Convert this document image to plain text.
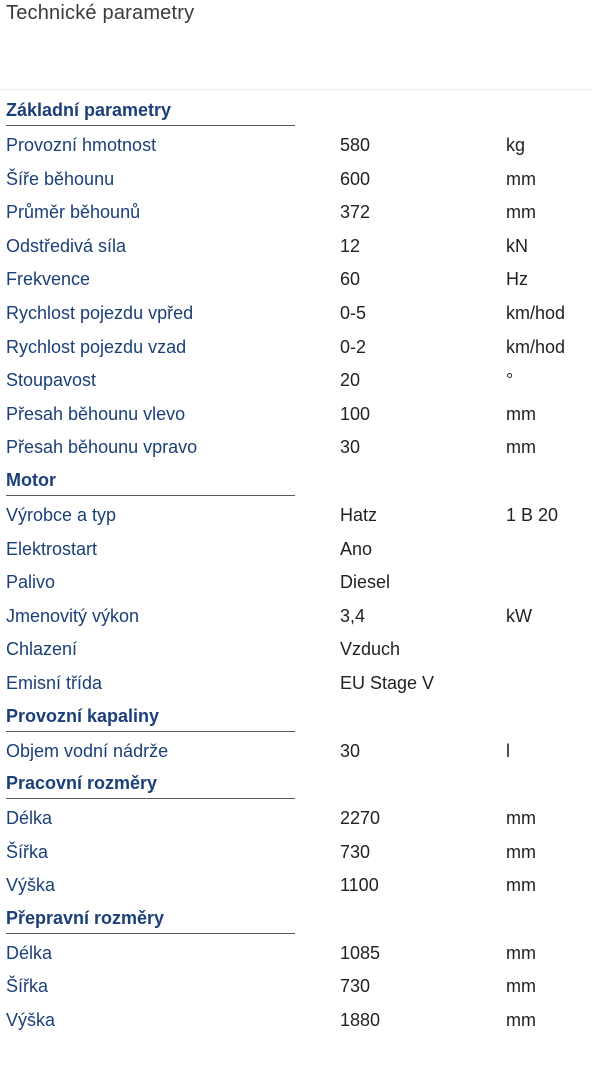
Technické parametry
Základní parametry
Provozní hmotnost	580	kg
Šíře běhounu	600	mm
Průměr běhounů	372	mm
Odstředivá síla	12	kN
Frekvence	60	Hz
Rychlost pojezdu vpřed	0-5	km/hod
Rychlost pojezdu vzad	0-2	km/hod
Stoupavost	20	°
Přesah běhounu vlevo	100	mm
Přesah běhounu vpravo	30	mm
Motor
Výrobce a typ	Hatz	1 B 20
Elektrostart	Ano
Palivo	Diesel
Jmenovitý výkon	3,4	kW
Chlazení	Vzduch
Emisní třída	EU Stage V
Provozní kapaliny
Objem vodní nádrže	30	l
Pracovní rozměry
Délka	2270	mm
Šířka	730	mm
Výška	1100	mm
Přepravní rozměry
Délka	1085	mm
Šířka	730	mm
Výška	1880	mm
